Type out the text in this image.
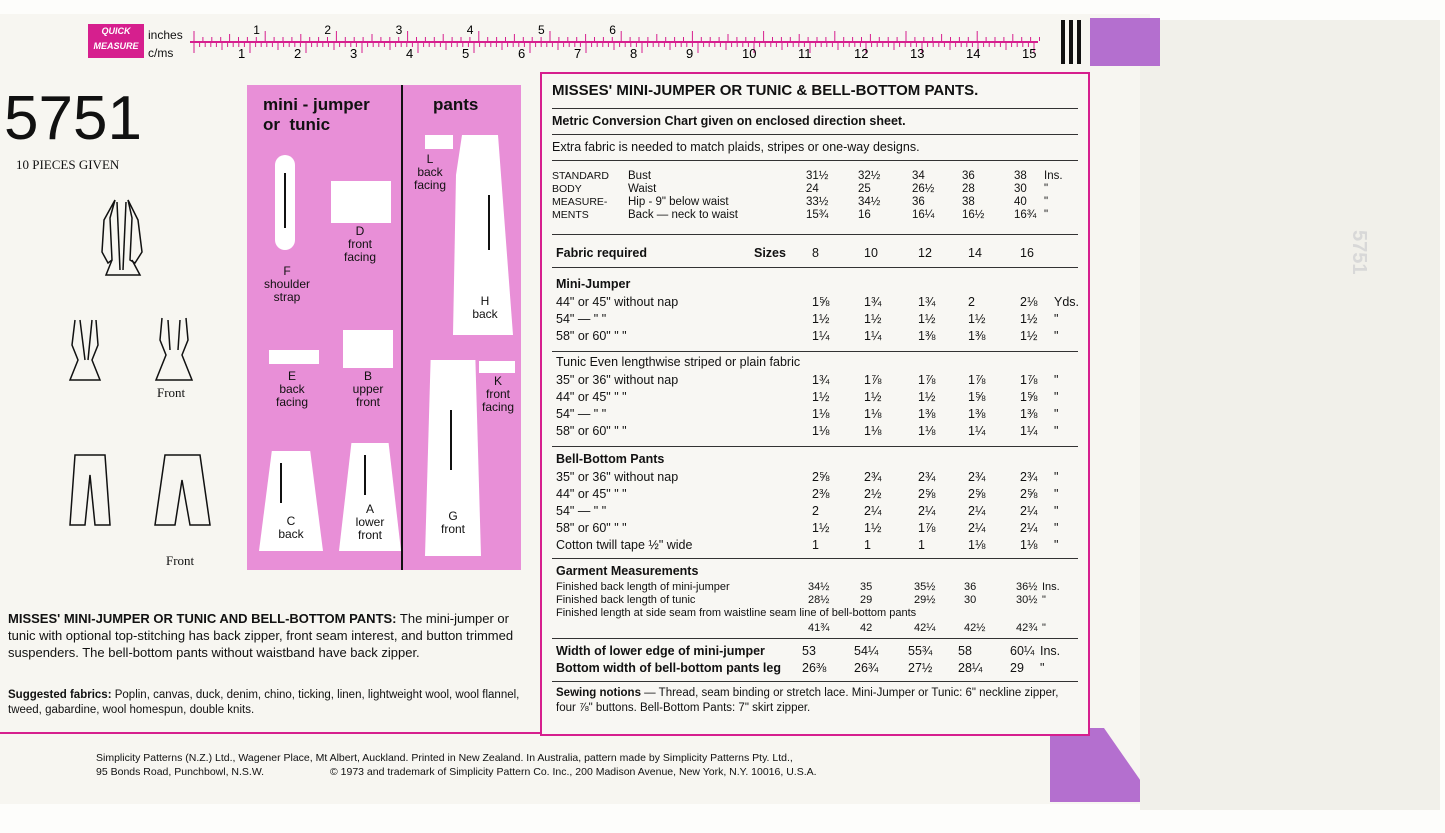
5751
QUICK
MEASURE
inches
c/ms
1	2	3	4	5	6
1	2	3	4	5	6	7	8	9	10	11	12	13	14	15
5751
10 PIECES GIVEN
Front
Front
mini - jumper
or  tunic
pants
F
shoulder
strap
D
front
facing
E
back
facing
B
upper
front
C
back
A
lower
front
L
back
facing
H
back
G
front
K
front
facing
MISSES' MINI-JUMPER OR TUNIC AND BELL-BOTTOM PANTS: The mini-jumper or tunic with optional top-stitching has back zipper, front seam interest, and button trimmed suspenders. The bell-bottom pants without waistband have back zipper.
Suggested fabrics: Poplin, canvas, duck, denim, chino, ticking, linen, lightweight wool, wool flannel, tweed, gabardine, wool homespun, double knits.
Simplicity Patterns (N.Z.) Ltd., Wagener Place, Mt Albert, Auckland. Printed in New Zealand. In Australia, pattern made by Simplicity Patterns Pty. Ltd.,
95 Bonds Road, Punchbowl, N.S.W.	© 1973 and trademark of Simplicity Pattern Co. Inc., 200 Madison Avenue, New York, N.Y. 10016, U.S.A.
MISSES' MINI-JUMPER OR TUNIC & BELL-BOTTOM PANTS.
Metric Conversion Chart given on enclosed direction sheet.
Extra fabric is needed to match plaids, stripes or one-way designs.
STANDARD
BODY
MEASURE-
MENTS
Bust	31½	32½	34	36	38 Ins.
Waist	24	25	26½ 28	30 "
Hip - 9" below waist	33½	34½	36	38	40 "
Back — neck to waist	15¾	16	16¼ 16½	16¾ "
Fabric required	Sizes 8	10	12	14	16
Mini-Jumper
44" or 45" without nap	1⅝	1¾	1¾	2	2⅛ Yds.
54" — " "	1½	1½	1½	1½	1½ "
58" or 60" " "	1¼	1¼	1⅜	1⅜	1½ "
Tunic Even lengthwise striped or plain fabric
35" or 36" without nap	1¾	1⅞	1⅞	1⅞	1⅞ "
44" or 45" " "	1½	1½	1½	1⅝	1⅝ "
54" — " "	1⅛	1⅛	1⅜	1⅜	1⅜ "
58" or 60" " "	1⅛	1⅛	1⅛	1¼	1¼ "
Bell-Bottom Pants
35" or 36" without nap	2⅝	2¾	2¾	2¾	2¾ "
44" or 45" " "	2⅜	2½	2⅝	2⅝	2⅝ "
54" — " "	2	2¼	2¼	2¼	2¼ "
58" or 60" " "	1½	1½	1⅞	2¼	2¼ "
Cotton twill tape ½" wide	1	1	1	1⅛	1⅛ "
Garment Measurements
Finished back length of mini-jumper	34½	35	35½	36	36½ Ins.
Finished back length of tunic	28½	29	29½	30	30½ "
Finished length at side seam from waistline seam line of bell-bottom pants
41¾	42	42¼	42½	42¾ "
Width of lower edge of mini-jumper	53	54¼ 55¾ 58	60¼ Ins.
Bottom width of bell-bottom pants leg 26⅜ 26¾ 27½ 28¼ 29 "
Sewing notions — Thread, seam binding or stretch lace. Mini-Jumper or Tunic: 6" neckline zipper, four ⅞" buttons. Bell-Bottom Pants: 7" skirt zipper.
